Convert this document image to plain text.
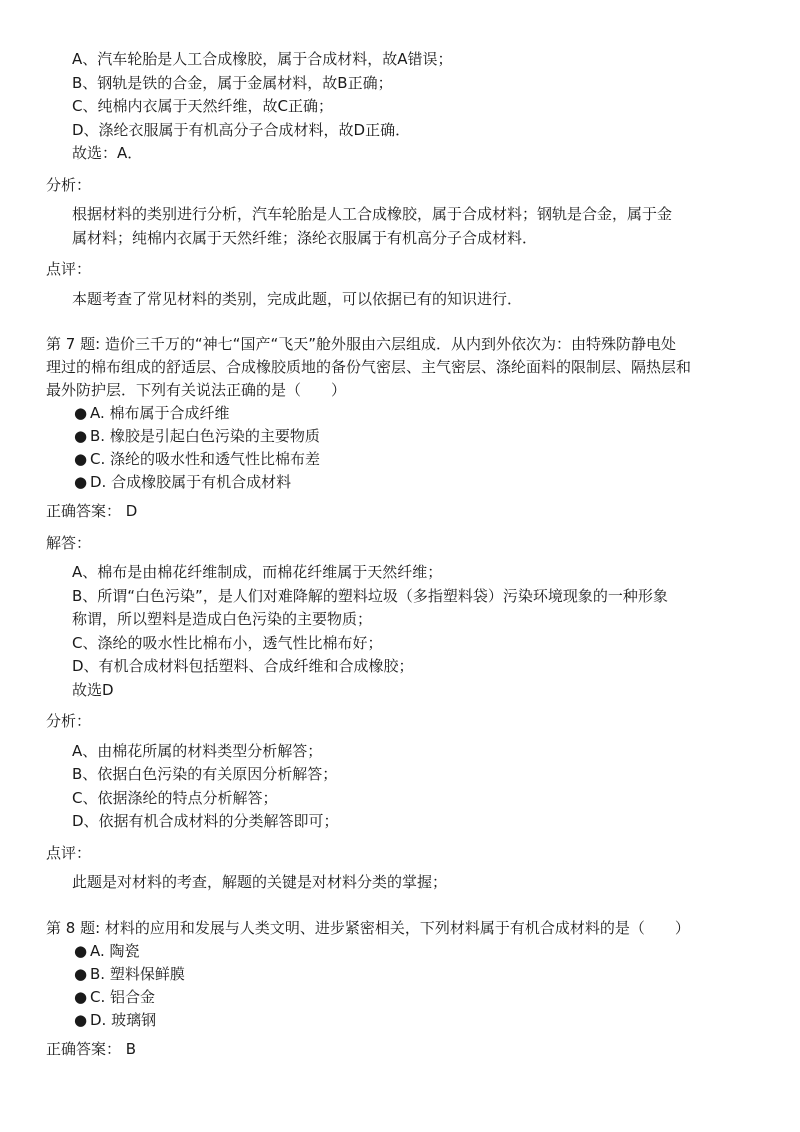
A、汽车轮胎是人工合成橡胶，属于合成材料，故A错误；

B、钢轨是铁的合金，属于金属材料，故B正确；

C、纯棉内衣属于天然纤维，故C正确；

D、涤纶衣服属于有机高分子合成材料，故D正确．

故选：A．

分析：

根据材料的类别进行分析，汽车轮胎是人工合成橡胶，属于合成材料；钢轨是合金，属于金

属材料；纯棉内衣属于天然纤维；涤纶衣服属于有机高分子合成材料．

点评：

本题考查了常见材料的类别，完成此题，可以依据已有的知识进行．

第 7 题: 造价三千万的“神七“国产“飞天”舱外服由六层组成．从内到外依次为：由特殊防静电处

理过的棉布组成的舒适层、合成橡胶质地的备份气密层、主气密层、涤纶面料的限制层、隔热层和

最外防护层．下列有关说法正确的是（　　）

● A. 棉布属于合成纤维
● B. 橡胶是引起白色污染的主要物质
● C. 涤纶的吸水性和透气性比棉布差
● D. 合成橡胶属于有机合成材料

正确答案： D

解答：

A、棉布是由棉花纤维制成，而棉花纤维属于天然纤维；

B、所谓“白色污染”，是人们对难降解的塑料垃圾（多指塑料袋）污染环境现象的一种形象

称谓，所以塑料是造成白色污染的主要物质；

C、涤纶的吸水性比棉布小，透气性比棉布好；

D、有机合成材料包括塑料、合成纤维和合成橡胶；

故选D

分析：

A、由棉花所属的材料类型分析解答；

B、依据白色污染的有关原因分析解答；

C、依据涤纶的特点分析解答；

D、依据有机合成材料的分类解答即可；

点评：

此题是对材料的考查，解题的关键是对材料分类的掌握；

第 8 题: 材料的应用和发展与人类文明、进步紧密相关，下列材料属于有机合成材料的是（　　）

● A. 陶瓷
● B. 塑料保鲜膜
● C. 铝合金
● D. 玻璃钢

正确答案： B
